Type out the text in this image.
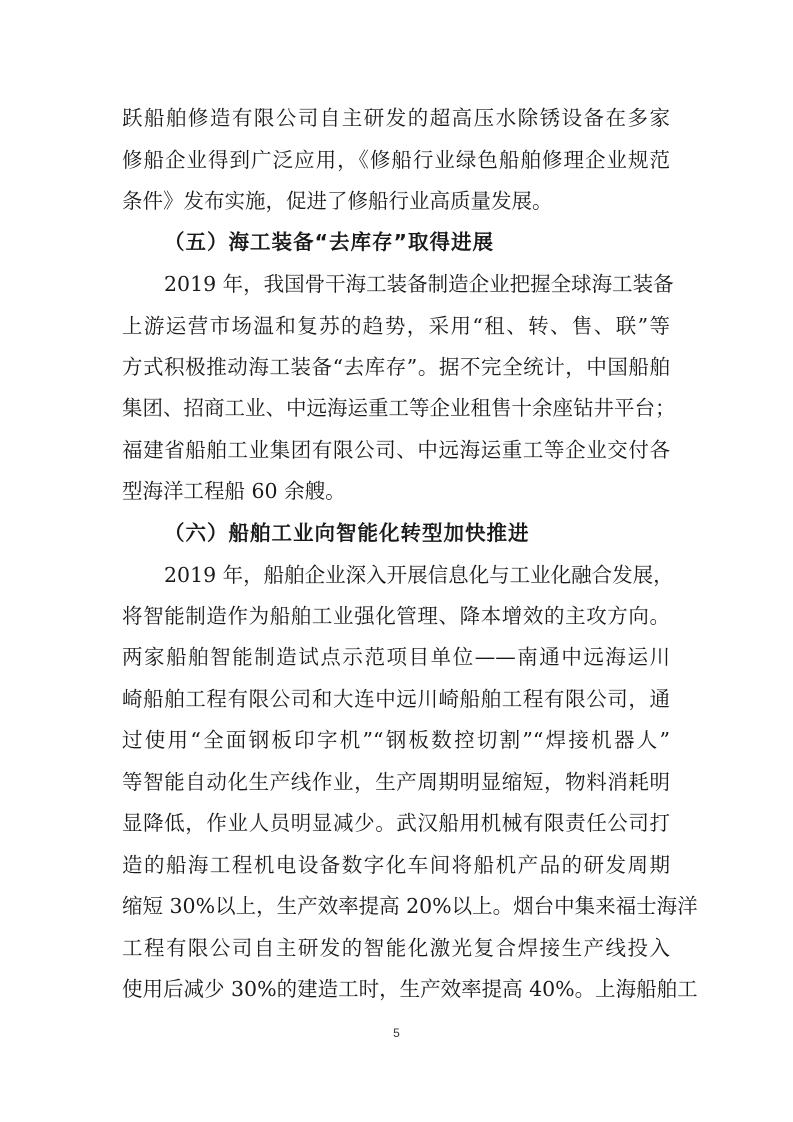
跃船舶修造有限公司自主研发的超高压水除锈设备在多家
修船企业得到广泛应用，《修船行业绿色船舶修理企业规范
条件》发布实施，促进了修船行业高质量发展。
（五）海工装备“去库存”取得进展
2019 年，我国骨干海工装备制造企业把握全球海工装备
上游运营市场温和复苏的趋势，采用“租、转、售、联”等
方式积极推动海工装备“去库存”。据不完全统计，中国船舶
集团、招商工业、中远海运重工等企业租售十余座钻井平台；
福建省船舶工业集团有限公司、中远海运重工等企业交付各
型海洋工程船 60 余艘。
（六）船舶工业向智能化转型加快推进
2019 年，船舶企业深入开展信息化与工业化融合发展，
将智能制造作为船舶工业强化管理、降本增效的主攻方向。
两家船舶智能制造试点示范项目单位——南通中远海运川
崎船舶工程有限公司和大连中远川崎船舶工程有限公司，通
过使用“全面钢板印字机”“钢板数控切割”“焊接机器人”
等智能自动化生产线作业，生产周期明显缩短，物料消耗明
显降低，作业人员明显减少。武汉船用机械有限责任公司打
造的船海工程机电设备数字化车间将船机产品的研发周期
缩短 30%以上，生产效率提高 20%以上。烟台中集来福士海洋
工程有限公司自主研发的智能化激光复合焊接生产线投入
使用后减少 30%的建造工时，生产效率提高 40%。上海船舶工
5
